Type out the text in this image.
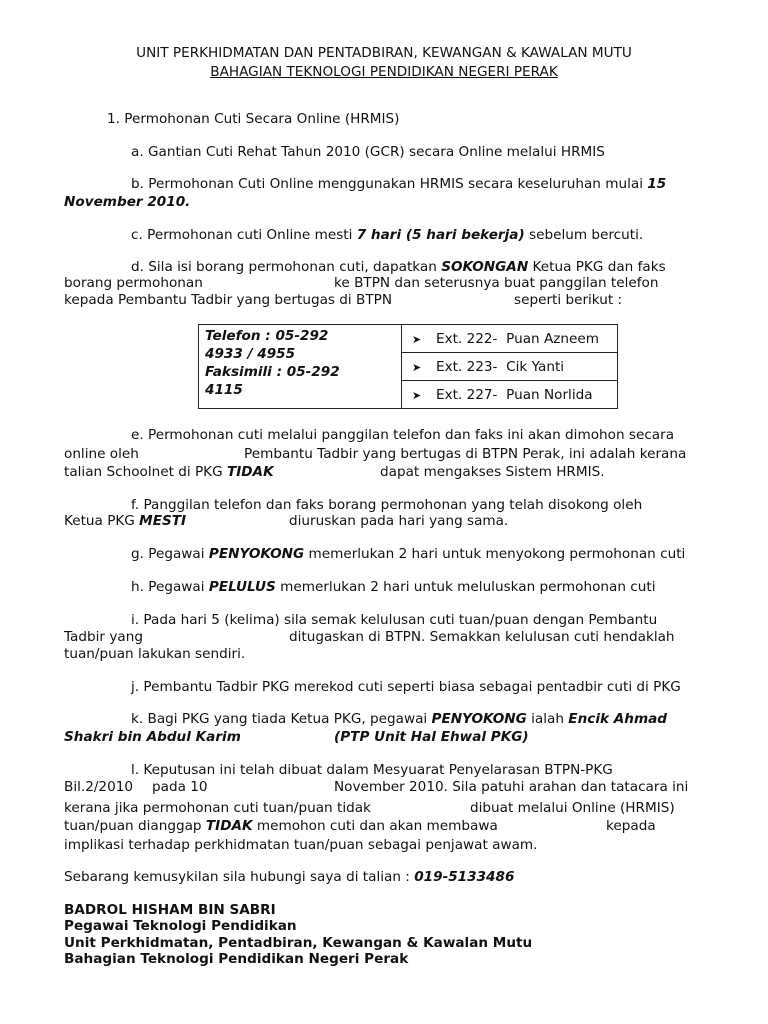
UNIT PERKHIDMATAN DAN PENTADBIRAN, KEWANGAN & KAWALAN MUTU
BAHAGIAN TEKNOLOGI PENDIDIKAN NEGERI PERAK
1. Permohonan Cuti Secara Online (HRMIS)
a. Gantian Cuti Rehat Tahun 2010 (GCR) secara Online melalui HRMIS
b. Permohonan Cuti Online menggunakan HRMIS secara keseluruhan mulai 15
November 2010.
c. Permohonan cuti Online mesti 7 hari (5 hari bekerja) sebelum bercuti.
d. Sila isi borang permohonan cuti, dapatkan SOKONGAN Ketua PKG dan faks
borang permohonan	ke BTPN dan seterusnya buat panggilan telefon
kepada Pembantu Tadbir yang bertugas di BTPN	seperti berikut :
Telefon : 05-292
4933 / 4955
Faksimili : 05-292
4115
	➤ Ext. 222- Puan Azneem
➤ Ext. 223- Cik Yanti
➤ Ext. 227- Puan Norlida
e. Permohonan cuti melalui panggilan telefon dan faks ini akan dimohon secara
online oleh	Pembantu Tadbir yang bertugas di BTPN Perak, ini adalah kerana
talian Schoolnet di PKG TIDAK	dapat mengakses Sistem HRMIS.
f. Panggilan telefon dan faks borang permohonan yang telah disokong oleh
Ketua PKG MESTI	diuruskan pada hari yang sama.
g. Pegawai PENYOKONG memerlukan 2 hari untuk menyokong permohonan cuti
h. Pegawai PELULUS memerlukan 2 hari untuk meluluskan permohonan cuti
i. Pada hari 5 (kelima) sila semak kelulusan cuti tuan/puan dengan Pembantu
Tadbir yang	ditugaskan di BTPN. Semakkan kelulusan cuti hendaklah
tuan/puan lakukan sendiri.
j. Pembantu Tadbir PKG merekod cuti seperti biasa sebagai pentadbir cuti di PKG
k. Bagi PKG yang tiada Ketua PKG, pegawai PENYOKONG ialah Encik Ahmad
Shakri bin Abdul Karim	(PTP Unit Hal Ehwal PKG)
l. Keputusan ini telah dibuat dalam Mesyuarat Penyelarasan BTPN-PKG
Bil.2/2010 pada 10	November 2010. Sila patuhi arahan dan tatacara ini
kerana jika permohonan cuti tuan/puan tidak	dibuat melalui Online (HRMIS)
tuan/puan dianggap TIDAK memohon cuti dan akan membawa	kepada
implikasi terhadap perkhidmatan tuan/puan sebagai penjawat awam.
Sebarang kemusykilan sila hubungi saya di talian : 019-5133486
BADROL HISHAM BIN SABRI
Pegawai Teknologi Pendidikan
Unit Perkhidmatan, Pentadbiran, Kewangan & Kawalan Mutu
Bahagian Teknologi Pendidikan Negeri Perak
